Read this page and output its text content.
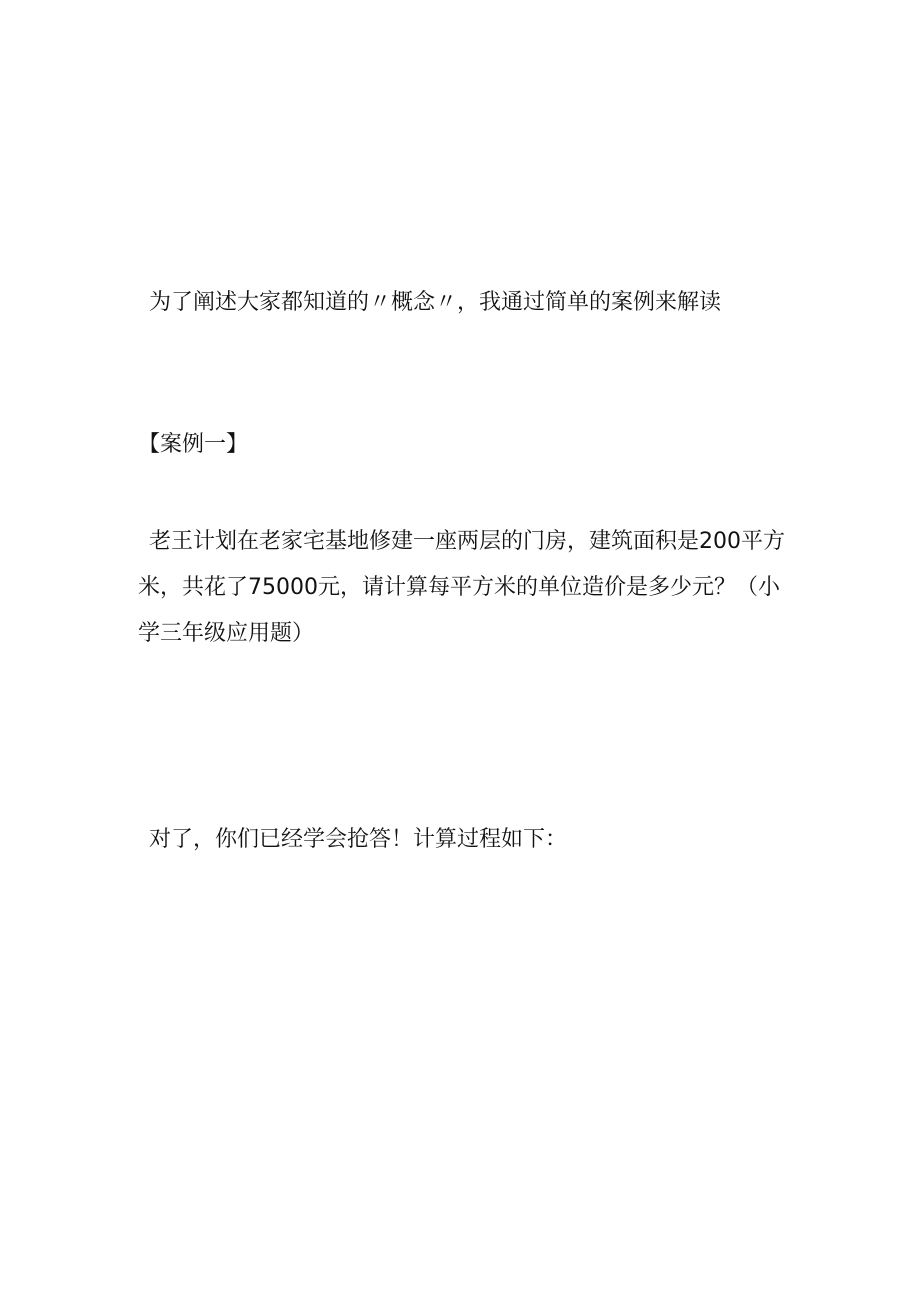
为了阐述大家都知道的〃概念〃，我通过简单的案例来解读

【案例一】

老王计划在老家宅基地修建一座两层的门房，建筑面积是200平方米，共花了75000元，请计算每平方米的单位造价是多少元？（小学三年级应用题）

对了，你们已经学会抢答！计算过程如下：
